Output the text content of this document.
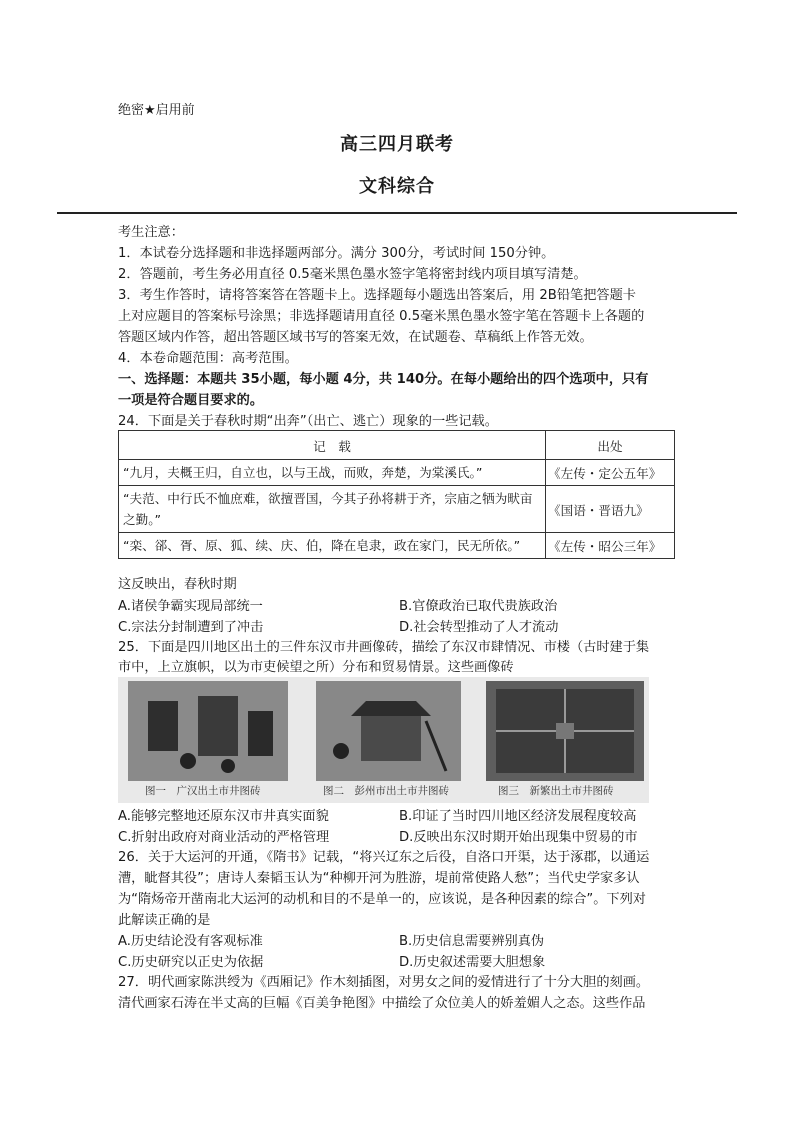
绝密★启用前
高三四月联考
文科综合
考生注意：
1．本试卷分选择题和非选择题两部分。满分 300分，考试时间 150分钟。
2．答题前，考生务必用直径 0.5毫米黑色墨水签字笔将密封线内项目填写清楚。
3．考生作答时，请将答案答在答题卡上。选择题每小题选出答案后，用 2B铅笔把答题卡
上对应题目的答案标号涂黑；非选择题请用直径 0.5毫米黑色墨水签字笔在答题卡上各题的
答题区域内作答，超出答题区域书写的答案无效，在试题卷、草稿纸上作答无效。
4．本卷命题范围：高考范围。
一、选择题：本题共 35小题，每小题 4分，共 140分。在每小题给出的四个选项中，只有
一项是符合题目要求的。
24．下面是关于春秋时期“出奔”（出亡、逃亡）现象的一些记载。
记　载	出处
“九月，夫概王归，自立也，以与王战，而败，奔楚，为棠溪氏。”	《左传・定公五年》
“夫范、中行氏不恤庶难，欲擅晋国，今其子孙将耕于齐，宗庙之牺为畎亩之勤。”	《国语・晋语九》
“栾、郤、胥、原、狐、续、庆、伯，降在皂隶，政在家门，民无所依。”	《左传・昭公三年》
这反映出，春秋时期
A.诸侯争霸实现局部统一	B.官僚政治已取代贵族政治
C.宗法分封制遭到了冲击	D.社会转型推动了人才流动
25．下面是四川地区出土的三件东汉市井画像砖，描绘了东汉市肆情况、市楼（古时建于集
市中，上立旗帜，以为市吏候望之所）分布和贸易情景。这些画像砖
图一　广汉出土市井图砖	图二　彭州市出土市井图砖	图三　新繁出土市井图砖
A.能够完整地还原东汉市井真实面貌	B.印证了当时四川地区经济发展程度较高
C.折射出政府对商业活动的严格管理	D.反映出东汉时期开始出现集中贸易的市
26．关于大运河的开通，《隋书》记载，“将兴辽东之后役，自洛口开渠，达于涿郡，以通运
漕，眦督其役”；唐诗人秦韬玉认为“种柳开河为胜游，堤前常使路人愁”；当代史学家多认
为“隋炀帝开凿南北大运河的动机和目的不是单一的，应该说，是各种因素的综合”。下列对
此解读正确的是
A.历史结论没有客观标准	B.历史信息需要辨别真伪
C.历史研究以正史为依据	D.历史叙述需要大胆想象
27．明代画家陈洪绶为《西厢记》作木刻插图，对男女之间的爱情进行了十分大胆的刻画。
清代画家石涛在半丈高的巨幅《百美争艳图》中描绘了众位美人的娇羞媚人之态。这些作品
